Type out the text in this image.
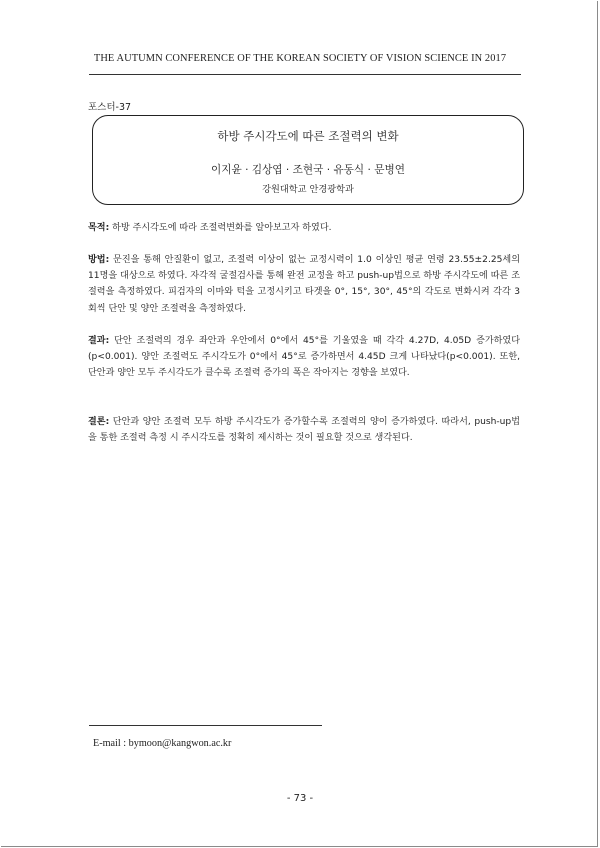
THE AUTUMN CONFERENCE OF THE KOREAN SOCIETY OF VISION SCIENCE IN 2017
포스터-37
하방 주시각도에 따른 조절력의 변화
이지윤 · 김상엽 · 조현국 · 유동식 · 문병연
강원대학교 안경광학과
목적: 하방 주시각도에 따라 조절력변화를 알아보고자 하였다.
방법: 문진을 통해 안질환이 없고, 조절력 이상이 없는 교정시력이 1.0 이상인 평균 연령 23.55±2.25세의 11명을 대상으로 하였다. 자각적 굴절검사를 통해 완전 교정을 하고 push-up법으로 하방 주시각도에 따른 조절력을 측정하였다. 피검자의 이마와 턱을 고정시키고 타겟을 0°, 15°, 30°, 45°의 각도로 변화시켜 각각 3회씩 단안 및 양안 조절력을 측정하였다.
결과: 단안 조절력의 경우 좌안과 우안에서 0°에서 45°를 기울였을 때 각각 4.27D, 4.05D 증가하였다(p<0.001). 양안 조절력도 주시각도가 0°에서 45°로 증가하면서 4.45D 크게 나타났다(p<0.001). 또한, 단안과 양안 모두 주시각도가 클수록 조절력 증가의 폭은 작아지는 경향을 보였다.
결론: 단안과 양안 조절력 모두 하방 주시각도가 증가할수록 조절력의 양이 증가하였다. 따라서, push-up법을 통한 조절력 측정 시 주시각도를 정확히 제시하는 것이 필요할 것으로 생각된다.
E-mail : bymoon@kangwon.ac.kr
- 73 -
